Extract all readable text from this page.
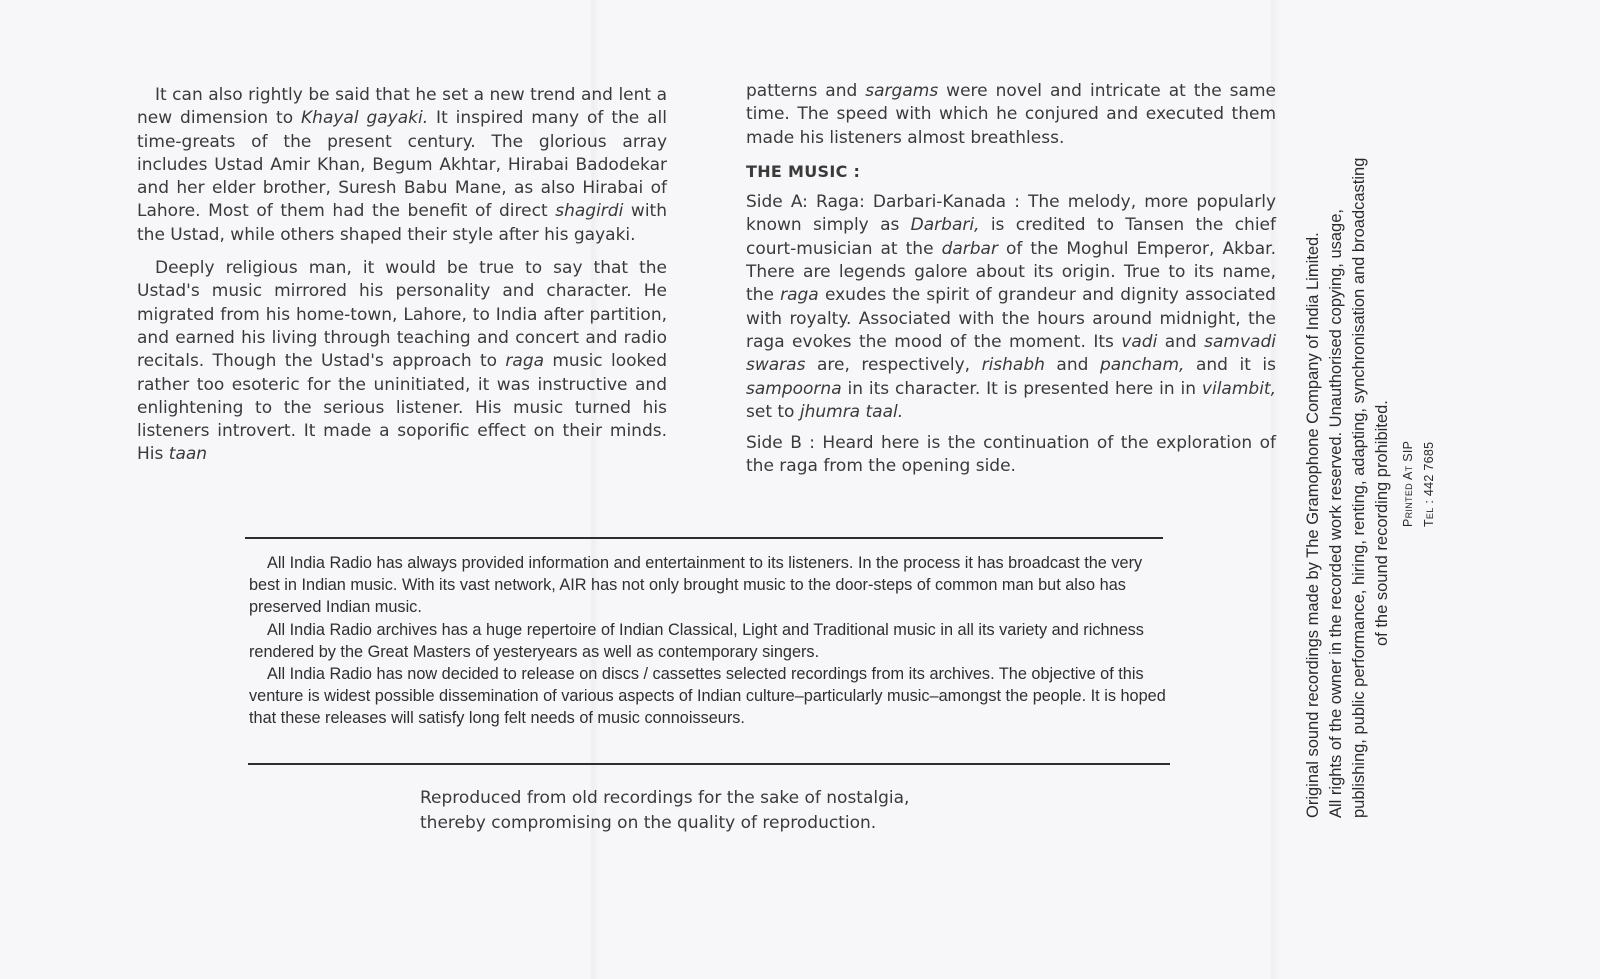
It can also rightly be said that he set a new trend and lent a new dimension to Khayal gayaki. It inspired many of the all time-greats of the present century. The glorious array includes Ustad Amir Khan, Begum Akhtar, Hirabai Badodekar and her elder brother, Suresh Babu Mane, as also Hirabai of Lahore. Most of them had the benefit of direct shagirdi with the Ustad, while others shaped their style after his gayaki.

Deeply religious man, it would be true to say that the Ustad's music mirrored his personality and character. He migrated from his home-town, Lahore, to India after partition, and earned his living through teaching and concert and radio recitals. Though the Ustad's approach to raga music looked rather too esoteric for the uninitiated, it was instructive and enlightening to the serious listener. His music turned his listeners introvert. It made a soporific effect on their minds. His taan

patterns and sargams were novel and intricate at the same time. The speed with which he conjured and executed them made his listeners almost breathless.

THE MUSIC :

Side A: Raga: Darbari-Kanada : The melody, more popularly known simply as Darbari, is credited to Tansen the chief court-musician at the darbar of the Moghul Emperor, Akbar. There are legends galore about its origin. True to its name, the raga exudes the spirit of grandeur and dignity associated with royalty. Associated with the hours around midnight, the raga evokes the mood of the moment. Its vadi and samvadi swaras are, respectively, rishabh and pancham, and it is sampoorna in its character. It is presented here in in vilambit, set to jhumra taal.

Side B : Heard here is the continuation of the exploration of the raga from the opening side.

All India Radio has always provided information and entertainment to its listeners. In the process it has broadcast the very best in Indian music. With its vast network, AIR has not only brought music to the door-steps of common man but also has preserved Indian music.

All India Radio archives has a huge repertoire of Indian Classical, Light and Traditional music in all its variety and richness rendered by the Great Masters of yesteryears as well as contemporary singers.

All India Radio has now decided to release on discs / cassettes selected recordings from its archives. The objective of this venture is widest possible dissemination of various aspects of Indian culture–particularly music–amongst the people. It is hoped that these releases will satisfy long felt needs of music connoisseurs.

Reproduced from old recordings for the sake of nostalgia,
thereby compromising on the quality of reproduction.
Original sound recordings made by The Gramophone Company of India Limited. All rights of the owner in the recorded work reserved. Unauthorised copying, usage, publishing, public performance, hiring, renting, adapting, synchronisation and broadcasting of the sound recording prohibited. Printed At SIP Tel : 442 7685
